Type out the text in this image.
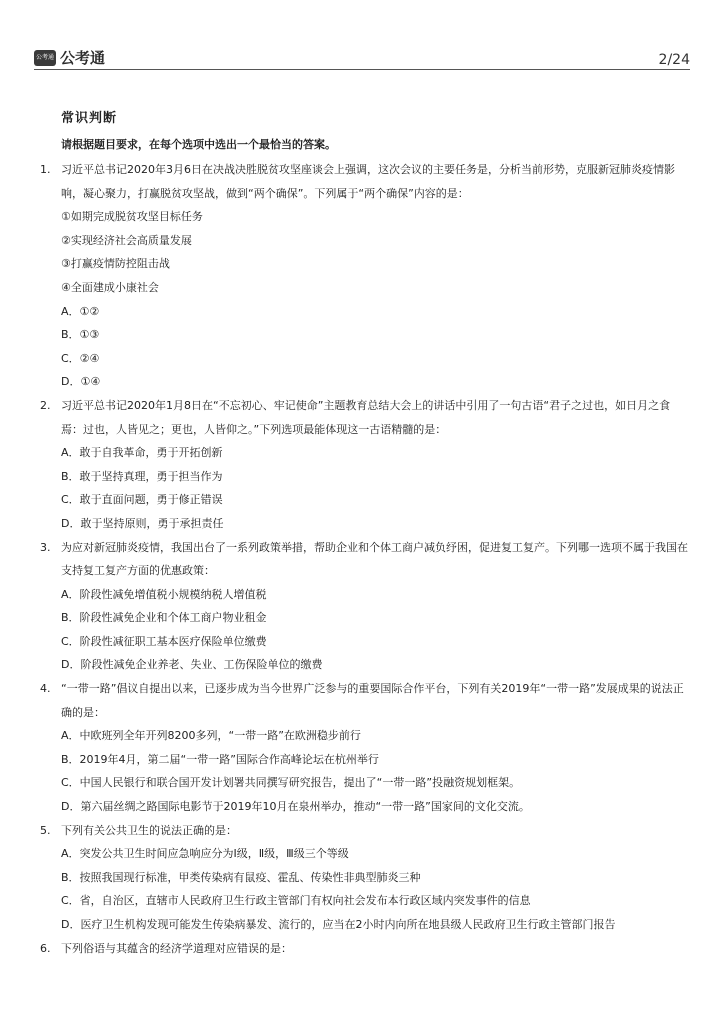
公考通 公考通	2/24
常识判断
请根据题目要求，在每个选项中选出一个最恰当的答案。
1. 习近平总书记2020年3月6日在决战决胜脱贫攻坚座谈会上强调，这次会议的主要任务是，分析当前形势，克服新冠肺炎疫情影响，凝心聚力，打赢脱贫攻坚战，做到“两个确保”。下列属于“两个确保”内容的是：
①如期完成脱贫攻坚目标任务
②实现经济社会高质量发展
③打赢疫情防控阻击战
④全面建成小康社会
A．①②
B．①③
C．②④
D．①④
2. 习近平总书记2020年1月8日在“不忘初心、牢记使命”主题教育总结大会上的讲话中引用了一句古语“君子之过也，如日月之食焉：过也，人皆见之；更也，人皆仰之。”下列选项最能体现这一古语精髓的是：
A．敢于自我革命，勇于开拓创新
B．敢于坚持真理，勇于担当作为
C．敢于直面问题，勇于修正错误
D．敢于坚持原则，勇于承担责任
3. 为应对新冠肺炎疫情，我国出台了一系列政策举措，帮助企业和个体工商户减负纾困，促进复工复产。下列哪一选项不属于我国在支持复工复产方面的优惠政策：
A．阶段性减免增值税小规模纳税人增值税
B．阶段性减免企业和个体工商户物业租金
C．阶段性减征职工基本医疗保险单位缴费
D．阶段性减免企业养老、失业、工伤保险单位的缴费
4. “一带一路”倡议自提出以来，已逐步成为当今世界广泛参与的重要国际合作平台，下列有关2019年“一带一路”发展成果的说法正确的是：
A．中欧班列全年开列8200多列，“一带一路”在欧洲稳步前行
B．2019年4月，第二届“一带一路”国际合作高峰论坛在杭州举行
C．中国人民银行和联合国开发计划署共同撰写研究报告，提出了“一带一路”投融资规划框架。
D．第六届丝绸之路国际电影节于2019年10月在泉州举办，推动“一带一路”国家间的文化交流。
5. 下列有关公共卫生的说法正确的是：
A．突发公共卫生时间应急响应分为Ⅰ级，Ⅱ级，Ⅲ级三个等级
B．按照我国现行标准，甲类传染病有鼠疫、霍乱、传染性非典型肺炎三种
C．省，自治区，直辖市人民政府卫生行政主管部门有权向社会发布本行政区域内突发事件的信息
D．医疗卫生机构发现可能发生传染病暴发、流行的，应当在2小时内向所在地县级人民政府卫生行政主管部门报告
6. 下列俗语与其蕴含的经济学道理对应错误的是：
